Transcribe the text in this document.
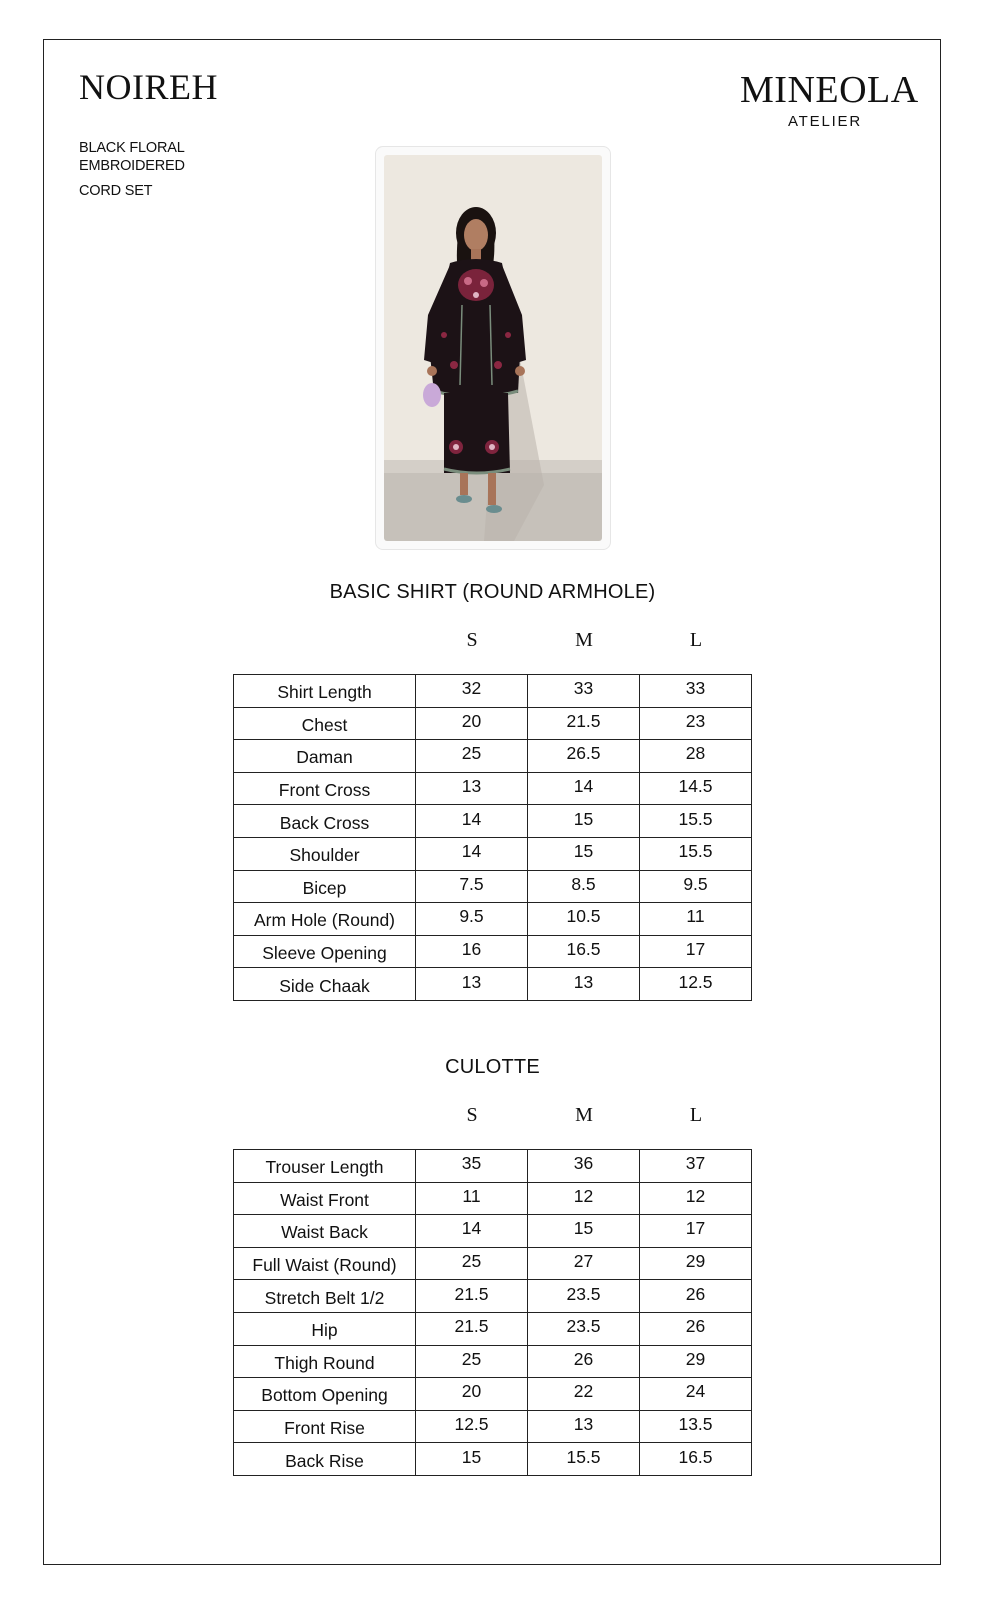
NOIREH
BLACK FLORAL
EMBROIDERED
CORD SET
MINEOLA
ATELIER
BASIC SHIRT (ROUND ARMHOLE)
S	M	L
Shirt Length	32	33	33
Chest	20	21.5	23
Daman	25	26.5	28
Front Cross	13	14	14.5
Back Cross	14	15	15.5
Shoulder	14	15	15.5
Bicep	7.5	8.5	9.5
Arm Hole (Round)	9.5	10.5	11
Sleeve Opening	16	16.5	17
Side Chaak	13	13	12.5
CULOTTE
S	M	L
Trouser Length	35	36	37
Waist Front	11	12	12
Waist Back	14	15	17
Full Waist (Round)	25	27	29
Stretch Belt 1/2	21.5	23.5	26
Hip	21.5	23.5	26
Thigh Round	25	26	29
Bottom Opening	20	22	24
Front Rise	12.5	13	13.5
Back Rise	15	15.5	16.5
